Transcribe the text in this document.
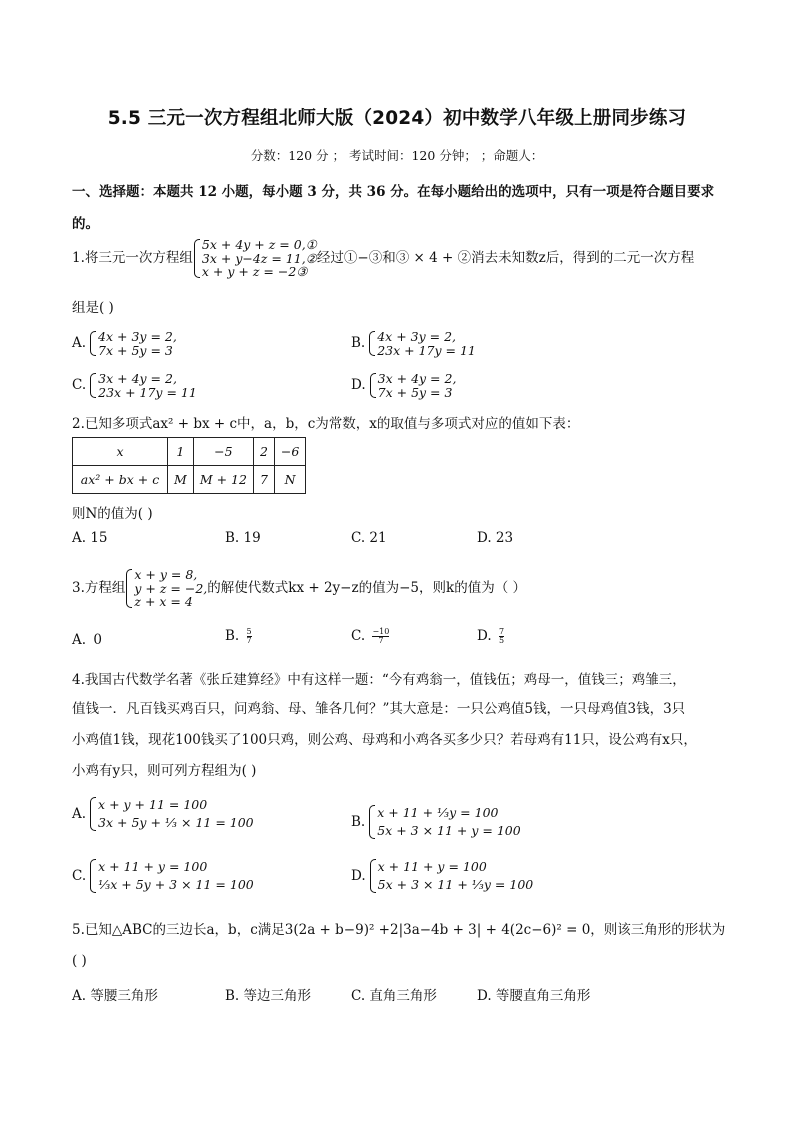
5.5 三元一次方程组北师大版（2024）初中数学八年级上册同步练习
分数：120 分 ； 考试时间：120 分钟； ；命题人：
一、选择题：本题共 12 小题，每小题 3 分，共 36 分。在每小题给出的选项中，只有一项是符合题目要求的。
1.将三元一次方程组
5x + 4y + z = 0,①
3x + y−4z = 11,②
x + y + z = −2③
经过①−③和③ × 4 + ②消去未知数z后，得到的二元一次方程
组是( )
A. 4x + 3y = 2,
7x + 5y = 3	B. 4x + 3y = 2,
23x + 17y = 11
C. 3x + 4y = 2,
23x + 17y = 11	D. 3x + 4y = 2,
7x + 5y = 3
2.已知多项式ax² + bx + c中，a，b，c为常数，x的取值与多项式对应的值如下表：
x	1	−5	2	−6
ax² + bx + c	M	M + 12	7	N
则N的值为( )
A. 15	B. 19	C. 21	D. 23
3.方程组
x + y = 8,
y + z = −2,
z + x = 4
的解使代数式kx + 2y−z的值为−5，则k的值为（ ）
A. 0	B. $\frac{5}{7}$	C. $\frac{-10}{7}$	D. $\frac{7}{5}$
4.我国古代数学名著《张丘建算经》中有这样一题：“今有鸡翁一，值钱伍；鸡母一，值钱三；鸡雏三，
值钱一．凡百钱买鸡百只，问鸡翁、母、雏各几何？”其大意是：一只公鸡值5钱，一只母鸡值3钱，3只
小鸡值1钱，现花100钱买了100只鸡，则公鸡、母鸡和小鸡各买多少只？若母鸡有11只，设公鸡有x只，
小鸡有y只，则可列方程组为( )
A.
x + y + 11 = 100
3x + 5y + ⅓ × 11 = 100	B.
x + 11 + ⅓y = 100
5x + 3 × 11 + y = 100
C.
x + 11 + y = 100
⅓x + 5y + 3 × 11 = 100
D.
x + 11 + y = 100
5x + 3 × 11 + ⅓y = 100
5.已知△ABC的三边长a，b，c满足3(2a + b−9)² +2|3a−4b + 3| + 4(2c−6)² = 0，则该三角形的形状为
( )
A. 等腰三角形	B. 等边三角形	C. 直角三角形	D. 等腰直角三角形
